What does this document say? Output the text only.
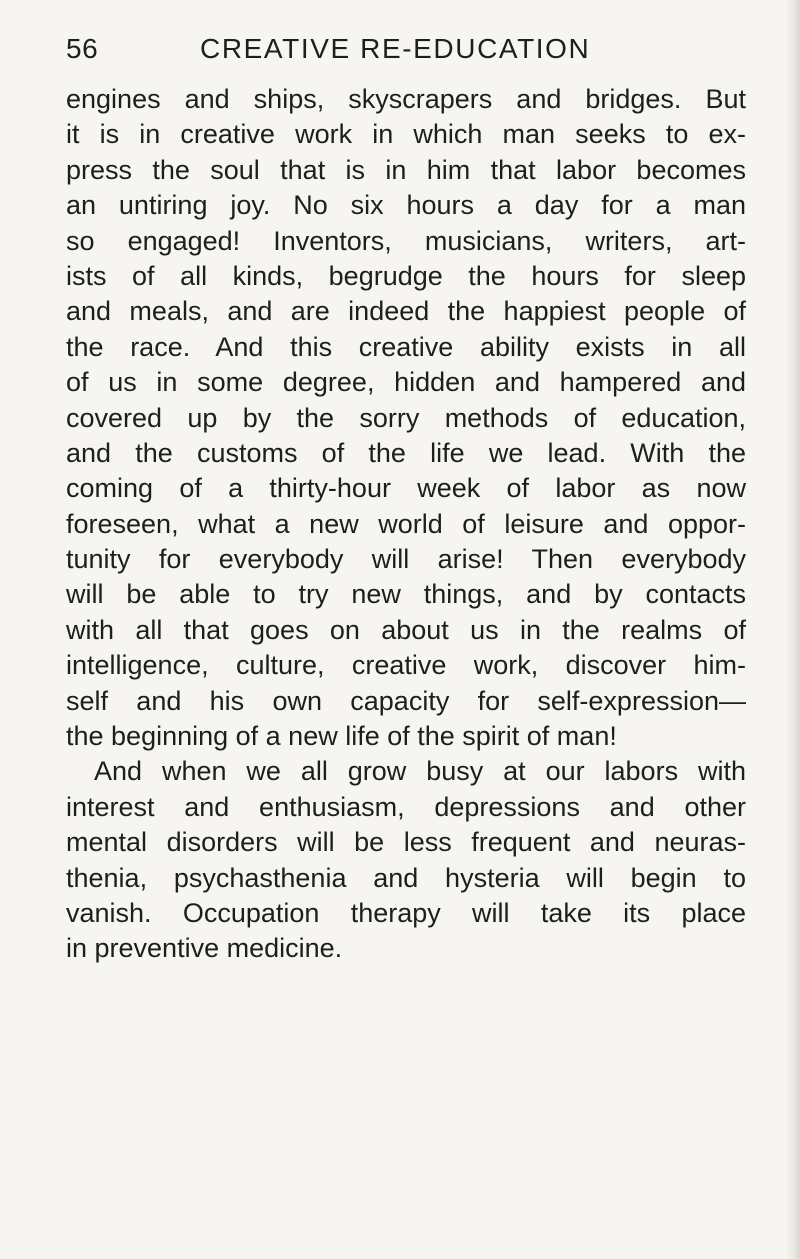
56	CREATIVE RE-EDUCATION
engines and ships, skyscrapers and bridges. But
it is in creative work in which man seeks to ex-
press the soul that is in him that labor becomes
an untiring joy. No six hours a day for a man
so engaged! Inventors, musicians, writers, art-
ists of all kinds, begrudge the hours for sleep
and meals, and are indeed the happiest people of
the race. And this creative ability exists in all
of us in some degree, hidden and hampered and
covered up by the sorry methods of education,
and the customs of the life we lead. With the
coming of a thirty-hour week of labor as now
foreseen, what a new world of leisure and oppor-
tunity for everybody will arise! Then everybody
will be able to try new things, and by contacts
with all that goes on about us in the realms of
intelligence, culture, creative work, discover him-
self and his own capacity for self-expression—
the beginning of a new life of the spirit of man!
And when we all grow busy at our labors with
interest and enthusiasm, depressions and other
mental disorders will be less frequent and neuras-
thenia, psychasthenia and hysteria will begin to
vanish. Occupation therapy will take its place
in preventive medicine.
